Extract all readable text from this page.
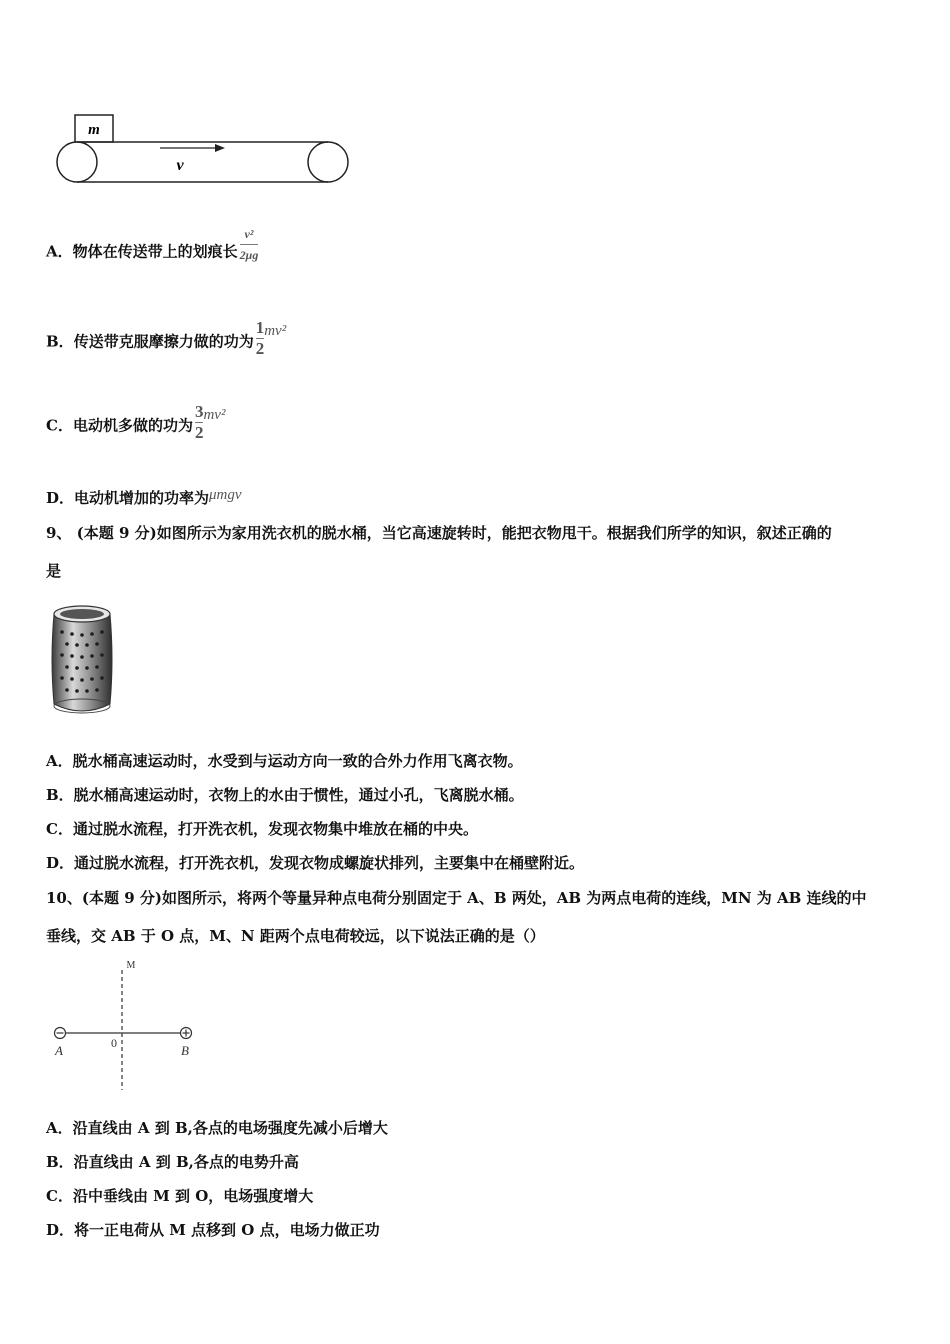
m
v
A．物体在传送带上的划痕长 $\frac{\text{v²}}{2\mu g}$
B．传送带克服摩擦力做的功为 $\frac{1}{2} mv^2$
C．电动机多做的功为 $\frac{3}{2} mv^2$
D．电动机增加的功率为μmgv
9、 (本题 9 分)如图所示为家用洗衣机的脱水桶，当它高速旋转时，能把衣物甩干。根据我们所学的知识，叙述正确的
是
A．脱水桶高速运动时，水受到与运动方向一致的合外力作用飞离衣物。
B．脱水桶高速运动时，衣物上的水由于惯性，通过小孔，飞离脱水桶。
C．通过脱水流程，打开洗衣机，发现衣物集中堆放在桶的中央。
D．通过脱水流程，打开洗衣机，发现衣物成螺旋状排列，主要集中在桶壁附近。
10、(本题 9 分)如图所示，将两个等量异种点电荷分别固定于 A、B 两处，AB 为两点电荷的连线，MN 为 AB 连线的中
垂线，交 AB 于 O 点，M、N 距两个点电荷较远，以下说法正确的是（）
M
A	0	B
A．沿直线由 A 到 B,各点的电场强度先减小后增大
B．沿直线由 A 到 B,各点的电势升高
C．沿中垂线由 M 到 O，电场强度增大
D．将一正电荷从 M 点移到 O 点，电场力做正功
